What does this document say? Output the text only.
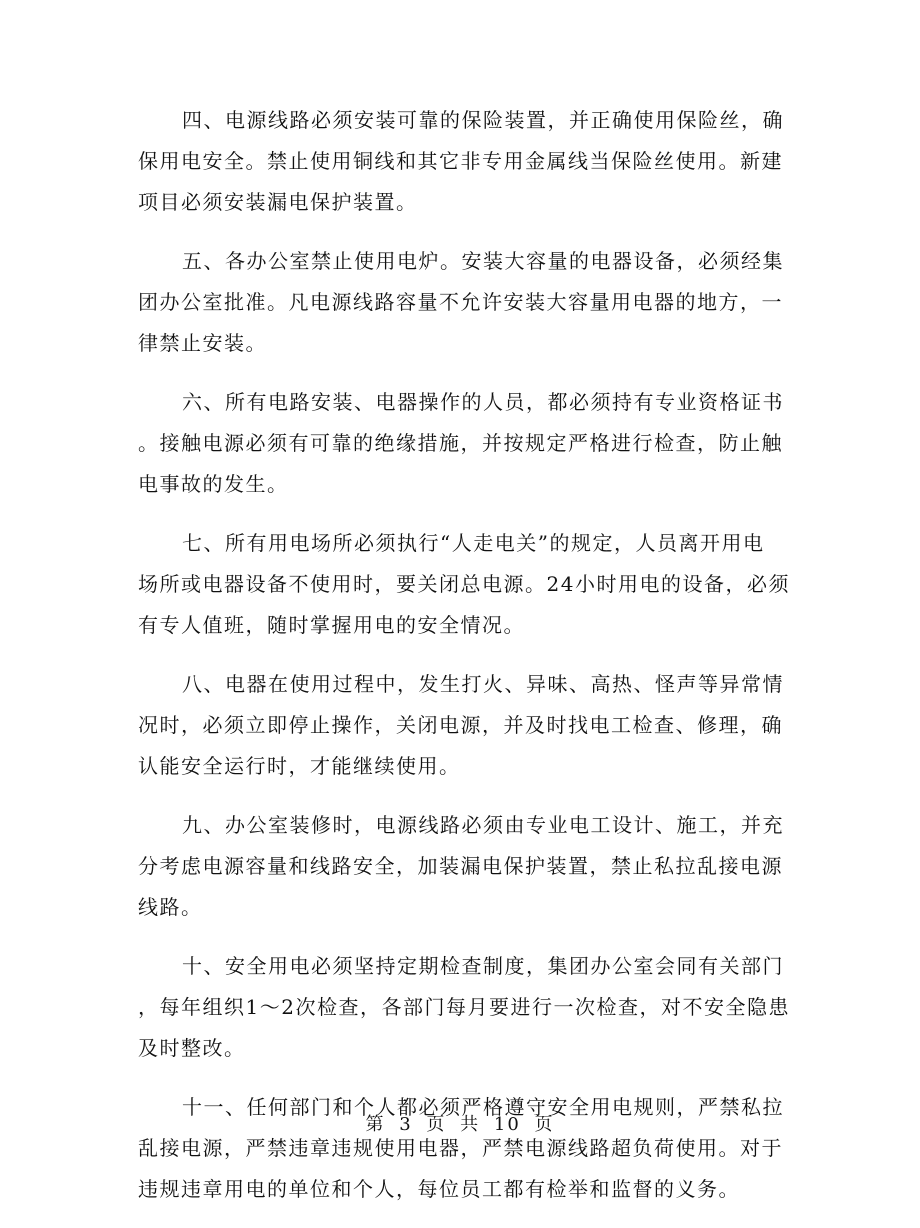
四、电源线路必须安装可靠的保险装置，并正确使用保险丝，确
保用电安全。禁止使用铜线和其它非专用金属线当保险丝使用。新建
项目必须安装漏电保护装置。

五、各办公室禁止使用电炉。安装大容量的电器设备，必须经集
团办公室批准。凡电源线路容量不允许安装大容量用电器的地方，一
律禁止安装。

六、所有电路安装、电器操作的人员，都必须持有专业资格证书
。接触电源必须有可靠的绝缘措施，并按规定严格进行检查，防止触
电事故的发生。

七、所有用电场所必须执行“人走电关”的规定，人员离开用电
场所或电器设备不使用时，要关闭总电源。24小时用电的设备，必须
有专人值班，随时掌握用电的安全情况。

八、电器在使用过程中，发生打火、异味、高热、怪声等异常情
况时，必须立即停止操作，关闭电源，并及时找电工检查、修理，确
认能安全运行时，才能继续使用。

九、办公室装修时，电源线路必须由专业电工设计、施工，并充
分考虑电源容量和线路安全，加装漏电保护装置，禁止私拉乱接电源
线路。

十、安全用电必须坚持定期检查制度，集团办公室会同有关部门
，每年组织1～2次检查，各部门每月要进行一次检查，对不安全隐患
及时整改。

十一、任何部门和个人都必须严格遵守安全用电规则，严禁私拉
乱接电源，严禁违章违规使用电器，严禁电源线路超负荷使用。对于
违规违章用电的单位和个人，每位员工都有检举和监督的义务。

第 3 页 共 10 页
